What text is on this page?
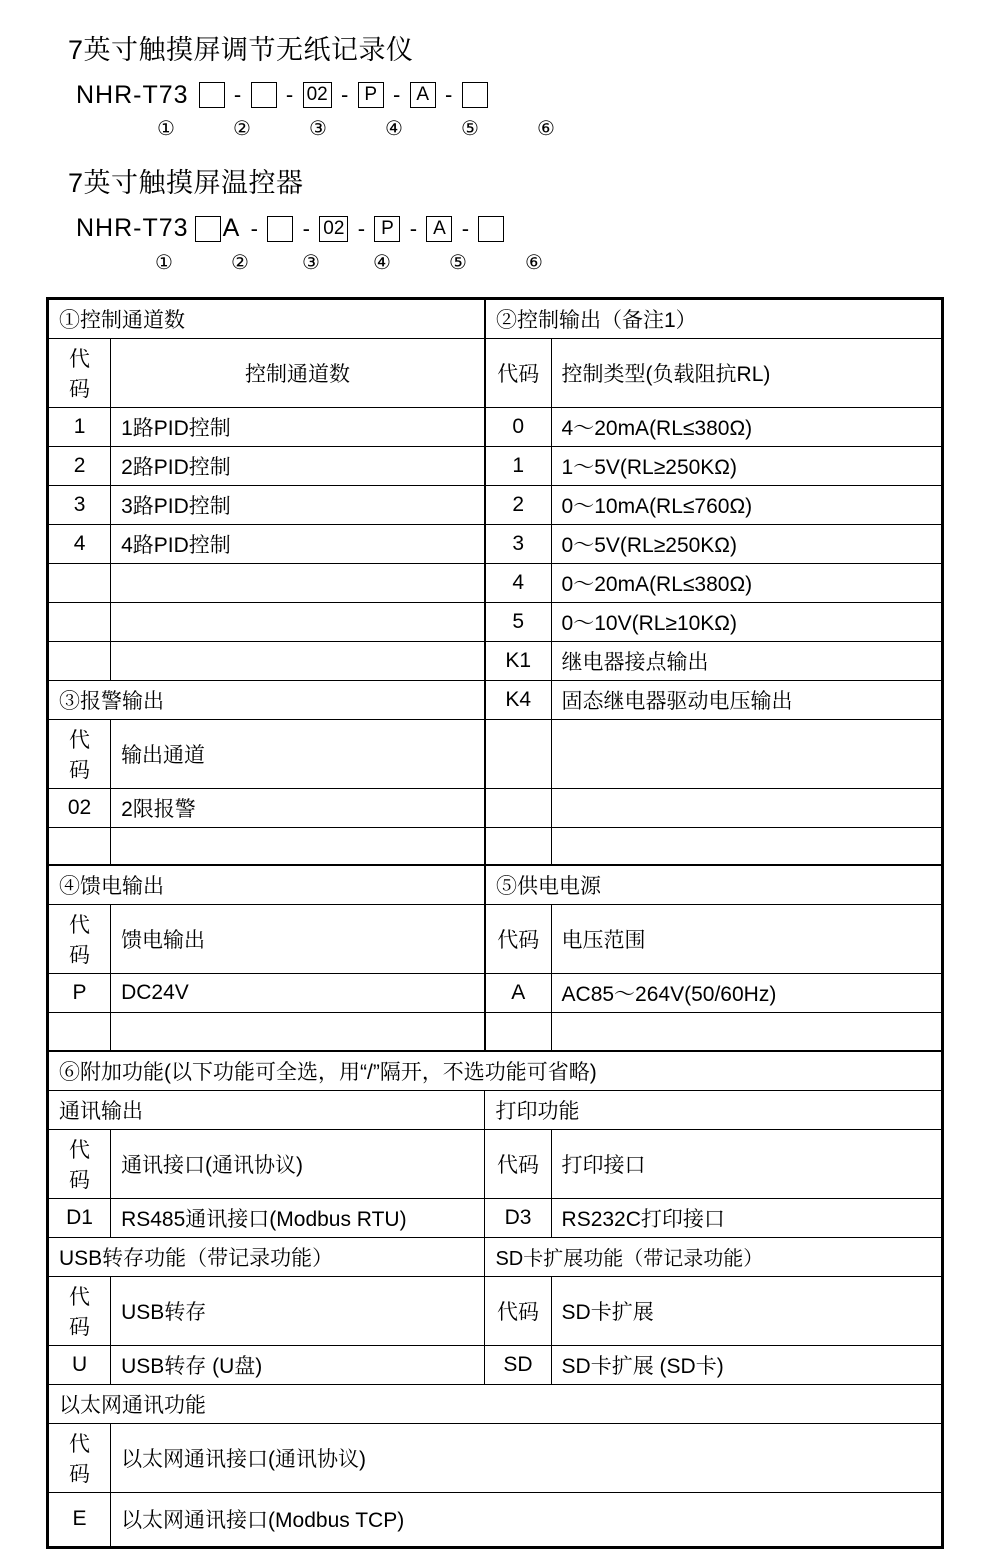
7英寸触摸屏调节无纸记录仪
NHR-T73	-	- 02 - P - A -
①	②	③	④	⑤	⑥
7英寸触摸屏温控器
NHR-T73 A -	- 02 - P - A -
①	②	③	④	⑤	⑥
①控制通道数		②控制输出（备注1）	
代码	控制通道数	代码	控制类型(负载阻抗RL)
1	1路PID控制	0	4～20mA(RL≤380Ω)
2	2路PID控制	1	1～5V(RL≥250KΩ)
3	3路PID控制	2	0～10mA(RL≤760Ω)
4	4路PID控制	3	0～5V(RL≥250KΩ)
		4	0～20mA(RL≤380Ω)
		5	0～10V(RL≥10KΩ)
		K1	继电器接点输出
③报警输出		K4	固态继电器驱动电压输出
代码	输出通道		
02	2限报警		

④馈电输出		⑤供电电源	
代码	馈电输出	代码	电压范围
P	DC24V	A	AC85～264V(50/60Hz)

⑥附加功能(以下功能可全选，用“/”隔开，不选功能可省略)			
通讯输出		打印功能	
代码	通讯接口(通讯协议)	代码	打印接口
D1	RS485通讯接口(Modbus RTU)	D3	RS232C打印接口
USB转存功能（带记录功能）		SD卡扩展功能（带记录功能）	
代码	USB转存	代码	SD卡扩展
U	USB转存 (U盘)	SD	SD卡扩展 (SD卡)
以太网通讯功能			
代码	以太网通讯接口(通讯协议)		
E	以太网通讯接口(Modbus TCP)		
